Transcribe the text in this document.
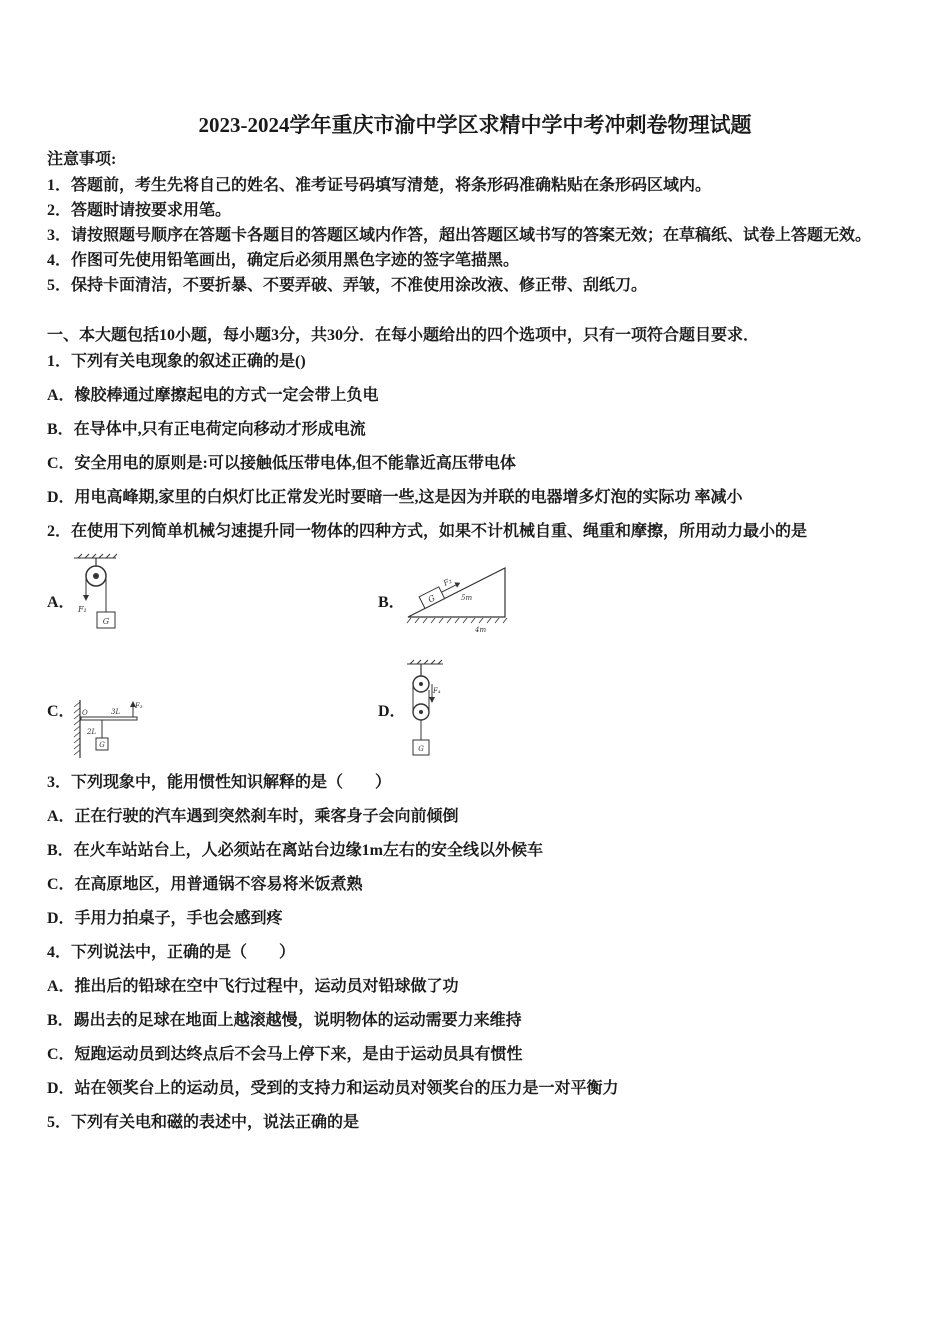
2023-2024学年重庆市渝中学区求精中学中考冲刺卷物理试题
注意事项:
1．答题前，考生先将自己的姓名、准考证号码填写清楚，将条形码准确粘贴在条形码区域内。
2．答题时请按要求用笔。
3．请按照题号顺序在答题卡各题目的答题区域内作答，超出答题区域书写的答案无效；在草稿纸、试卷上答题无效。
4．作图可先使用铅笔画出，确定后必须用黑色字迹的签字笔描黑。
5．保持卡面清洁，不要折暴、不要弄破、弄皱，不准使用涂改液、修正带、刮纸刀。
一、本大题包括10小题，每小题3分，共30分．在每小题给出的四个选项中，只有一项符合题目要求．
1．下列有关电现象的叙述正确的是()
A．橡胶棒通过摩擦起电的方式一定会带上负电
B．在导体中,只有正电荷定向移动才形成电流
C．安全用电的原则是:可以接触低压带电体,但不能靠近高压带电体
D．用电高峰期,家里的白炽灯比正常发光时要暗一些,这是因为并联的电器增多灯泡的实际功 率减小
2．在使用下列简单机械匀速提升同一物体的四种方式，如果不计机械自重、绳重和摩擦，所用动力最小的是
A． F₁
G
B．	G
F₂
5m
4m
C． O	3L
F₃
2L
G
D．
F₄
G
3．下列现象中，能用惯性知识解释的是（　　）
A．正在行驶的汽车遇到突然刹车时，乘客身子会向前倾倒
B．在火车站站台上，人必须站在离站台边缘1m左右的安全线以外候车
C．在高原地区，用普通锅不容易将米饭煮熟
D．手用力拍桌子，手也会感到疼
4．下列说法中，正确的是（　　）
A．推出后的铅球在空中飞行过程中，运动员对铅球做了功
B．踢出去的足球在地面上越滚越慢，说明物体的运动需要力来维持
C．短跑运动员到达终点后不会马上停下来，是由于运动员具有惯性
D．站在领奖台上的运动员，受到的支持力和运动员对领奖台的压力是一对平衡力
5．下列有关电和磁的表述中，说法正确的是
